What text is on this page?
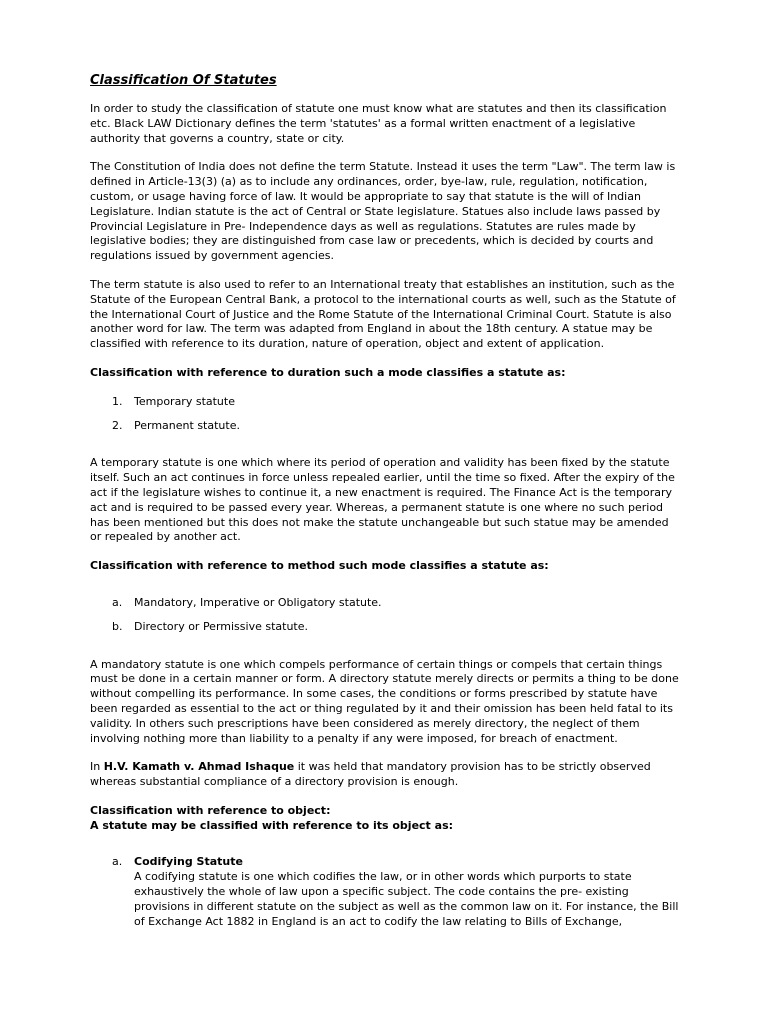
Classification Of Statutes

In order to study the classification of statute one must know what are statutes and then its classification etc. Black LAW Dictionary defines the term 'statutes' as a formal written enactment of a legislative authority that governs a country, state or city.

The Constitution of India does not define the term Statute. Instead it uses the term "Law". The term law is defined in Article-13(3) (a) as to include any ordinances, order, bye-law, rule, regulation, notification, custom, or usage having force of law. It would be appropriate to say that statute is the will of Indian Legislature. Indian statute is the act of Central or State legislature. Statues also include laws passed by Provincial Legislature in Pre- Independence days as well as regulations. Statutes are rules made by legislative bodies; they are distinguished from case law or precedents, which is decided by courts and regulations issued by government agencies.

The term statute is also used to refer to an International treaty that establishes an institution, such as the Statute of the European Central Bank, a protocol to the international courts as well, such as the Statute of the International Court of Justice and the Rome Statute of the International Criminal Court. Statute is also another word for law. The term was adapted from England in about the 18th century. A statue may be classified with reference to its duration, nature of operation, object and extent of application.

Classification with reference to duration such a mode classifies a statute as:
1.	Temporary statute
2.	Permanent statute.

A temporary statute is one which where its period of operation and validity has been fixed by the statute itself. Such an act continues in force unless repealed earlier, until the time so fixed. After the expiry of the act if the legislature wishes to continue it, a new enactment is required. The Finance Act is the temporary act and is required to be passed every year. Whereas, a permanent statute is one where no such period has been mentioned but this does not make the statute unchangeable but such statue may be amended or repealed by another act.

Classification with reference to method such mode classifies a statute as:
a.	Mandatory, Imperative or Obligatory statute.
b.	Directory or Permissive statute.

A mandatory statute is one which compels performance of certain things or compels that certain things must be done in a certain manner or form. A directory statute merely directs or permits a thing to be done without compelling its performance. In some cases, the conditions or forms prescribed by statute have been regarded as essential to the act or thing regulated by it and their omission has been held fatal to its validity. In others such prescriptions have been considered as merely directory, the neglect of them involving nothing more than liability to a penalty if any were imposed, for breach of enactment.

In H.V. Kamath v. Ahmad Ishaque it was held that mandatory provision has to be strictly observed whereas substantial compliance of a directory provision is enough.

Classification with reference to object:
A statute may be classified with reference to its object as:
a.	Codifying Statute
A codifying statute is one which codifies the law, or in other words which purports to state exhaustively the whole of law upon a specific subject. The code contains the pre- existing provisions in different statute on the subject as well as the common law on it. For instance, the Bill of Exchange Act 1882 in England is an act to codify the law relating to Bills of Exchange,
